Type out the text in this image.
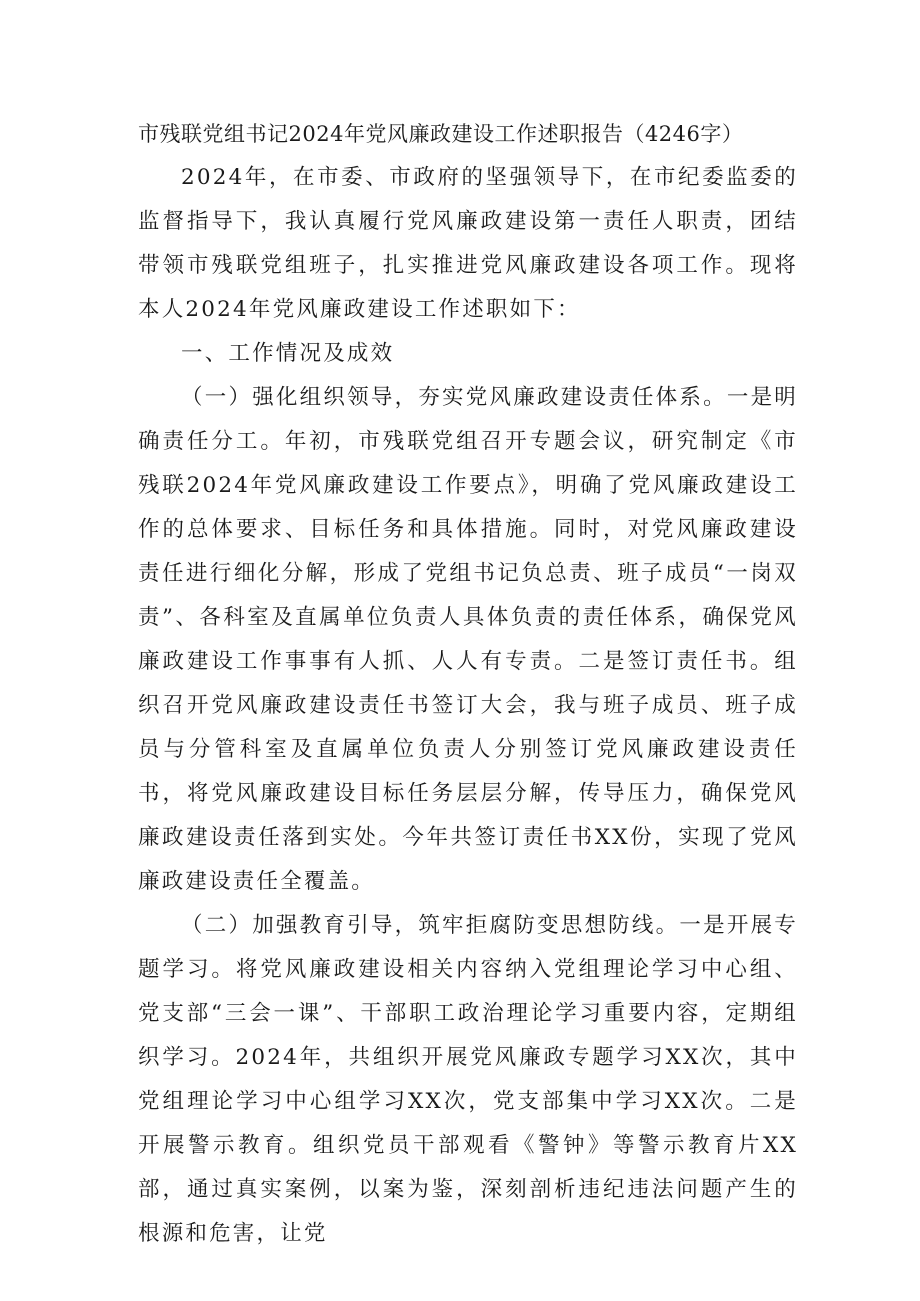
市残联党组书记2024年党风廉政建设工作述职报告（4246字）

2024年，在市委、市政府的坚强领导下，在市纪委监委的监督指导下，我认真履行党风廉政建设第一责任人职责，团结带领市残联党组班子，扎实推进党风廉政建设各项工作。现将本人2024年党风廉政建设工作述职如下：

一、工作情况及成效

（一）强化组织领导，夯实党风廉政建设责任体系。一是明确责任分工。年初，市残联党组召开专题会议，研究制定《市残联2024年党风廉政建设工作要点》，明确了党风廉政建设工作的总体要求、目标任务和具体措施。同时，对党风廉政建设责任进行细化分解，形成了党组书记负总责、班子成员“一岗双责”、各科室及直属单位负责人具体负责的责任体系，确保党风廉政建设工作事事有人抓、人人有专责。二是签订责任书。组织召开党风廉政建设责任书签订大会，我与班子成员、班子成员与分管科室及直属单位负责人分别签订党风廉政建设责任书，将党风廉政建设目标任务层层分解，传导压力，确保党风廉政建设责任落到实处。今年共签订责任书XX份，实现了党风廉政建设责任全覆盖。

（二）加强教育引导，筑牢拒腐防变思想防线。一是开展专题学习。将党风廉政建设相关内容纳入党组理论学习中心组、党支部“三会一课”、干部职工政治理论学习重要内容，定期组织学习。2024年，共组织开展党风廉政专题学习XX次，其中党组理论学习中心组学习XX次，党支部集中学习XX次。二是开展警示教育。组织党员干部观看《警钟》等警示教育片XX部，通过真实案例，以案为鉴，深刻剖析违纪违法问题产生的根源和危害，让党
